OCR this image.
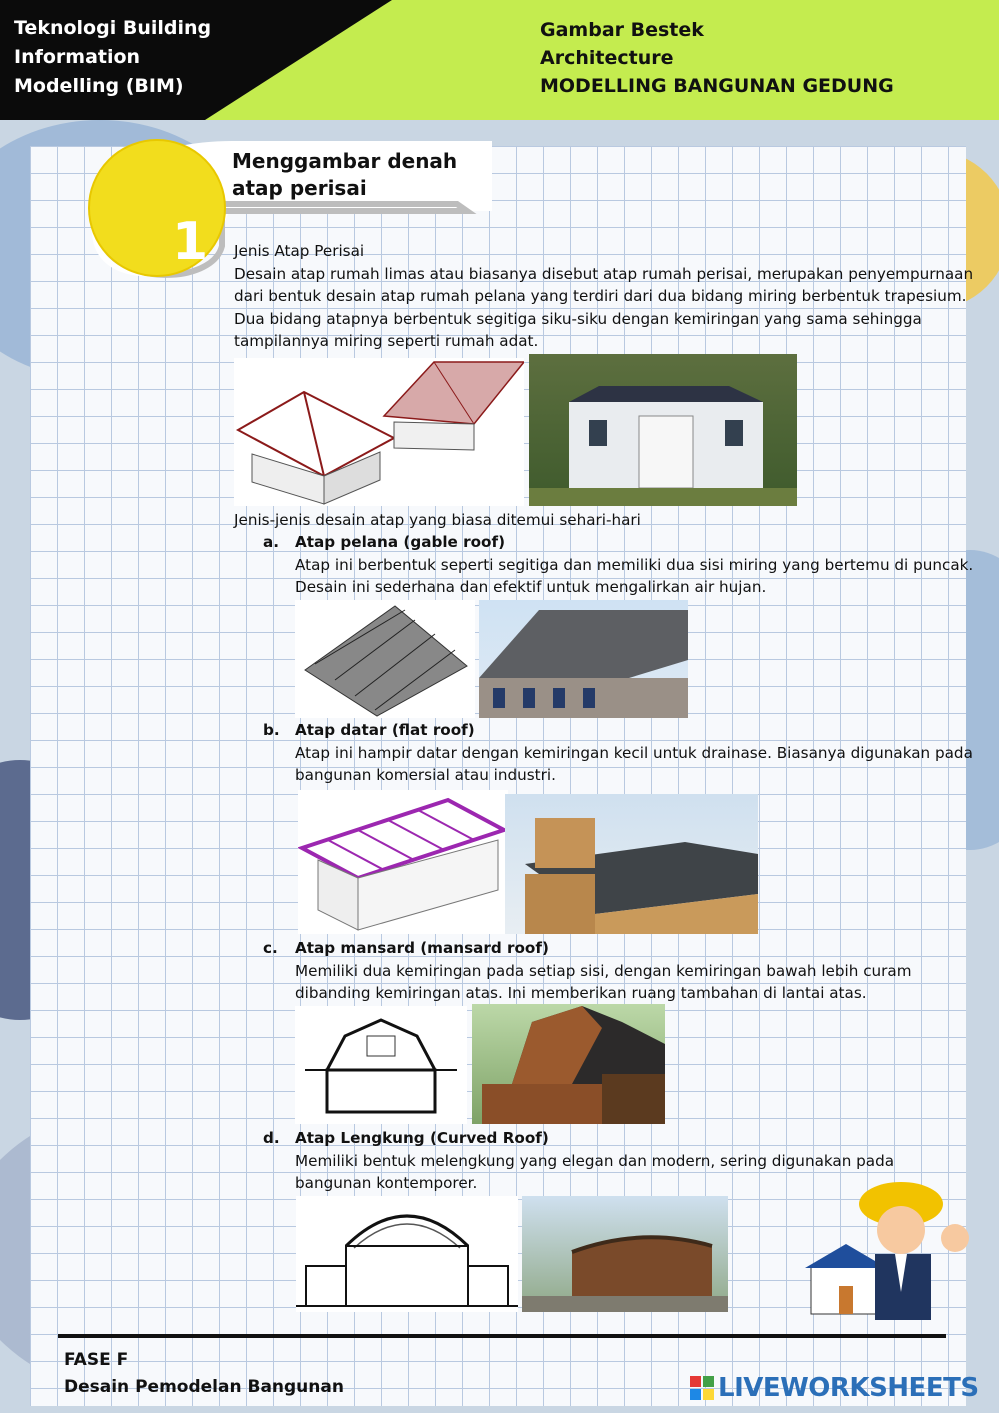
Teknologi Building
Information
Modelling (BIM)
Gambar Bestek
Architecture
MODELLING BANGUNAN GEDUNG
1
Menggambar denah
atap perisai
Jenis Atap Perisai
Desain atap rumah limas atau biasanya disebut atap rumah perisai, merupakan penyempurnaan
dari bentuk desain atap rumah pelana yang terdiri dari dua bidang miring berbentuk trapesium.
Dua bidang atapnya berbentuk segitiga siku-siku dengan kemiringan yang sama sehingga
tampilannya miring seperti rumah adat.
Jenis-jenis desain atap yang biasa ditemui sehari-hari
a. Atap pelana (gable roof)
Atap ini berbentuk seperti segitiga dan memiliki dua sisi miring yang bertemu di puncak.
Desain ini sederhana dan efektif untuk mengalirkan air hujan.
b. Atap datar (flat roof)
Atap ini hampir datar dengan kemiringan kecil untuk drainase. Biasanya digunakan pada
bangunan komersial atau industri.
c. Atap mansard (mansard roof)
Memiliki dua kemiringan pada setiap sisi, dengan kemiringan bawah lebih curam
dibanding kemiringan atas. Ini memberikan ruang tambahan di lantai atas.
d. Atap Lengkung (Curved Roof)
Memiliki bentuk melengkung yang elegan dan modern, sering digunakan pada
bangunan kontemporer.
FASE F
Desain Pemodelan Bangunan	LIVEWORKSHEETS
